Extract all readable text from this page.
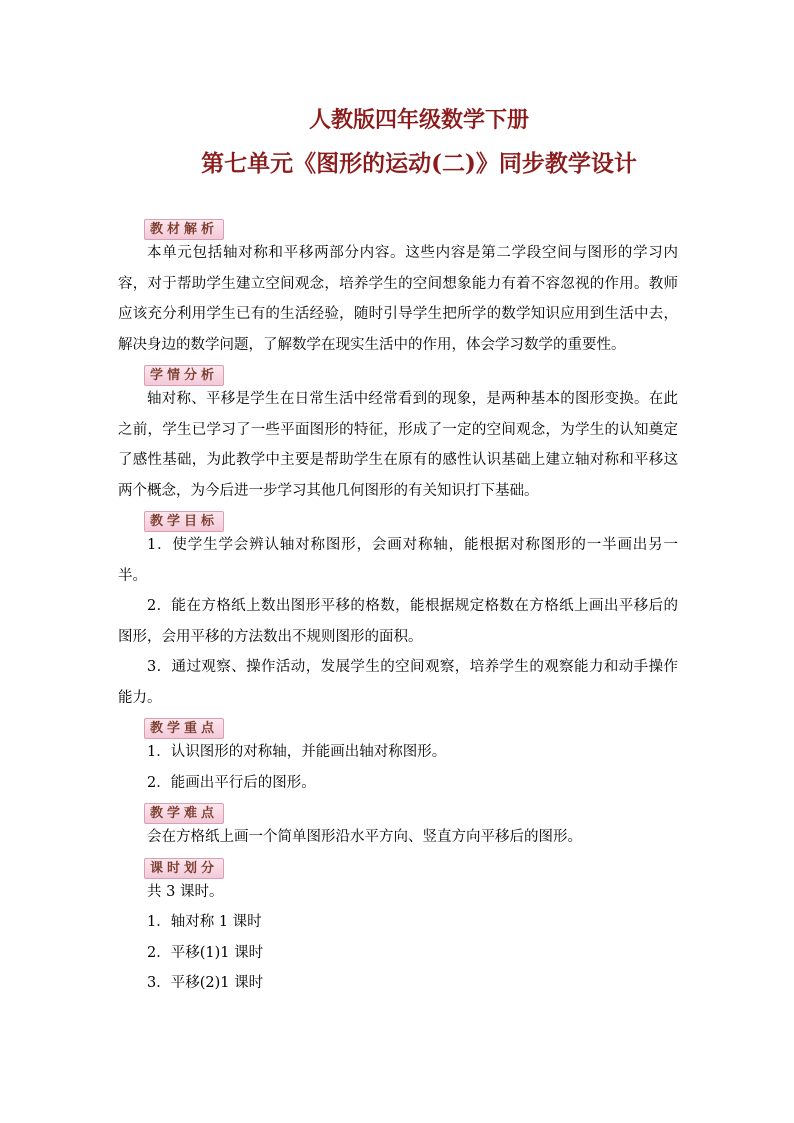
人教版四年级数学下册
第七单元《图形的运动(二)》同步教学设计
教材解析

本单元包括轴对称和平移两部分内容。这些内容是第二学段空间与图形的学习内容，对于帮助学生建立空间观念，培养学生的空间想象能力有着不容忽视的作用。教师应该充分利用学生已有的生活经验，随时引导学生把所学的数学知识应用到生活中去，解决身边的数学问题，了解数学在现实生活中的作用，体会学习数学的重要性。

学情分析

轴对称、平移是学生在日常生活中经常看到的现象，是两种基本的图形变换。在此之前，学生已学习了一些平面图形的特征，形成了一定的空间观念，为学生的认知奠定了感性基础，为此教学中主要是帮助学生在原有的感性认识基础上建立轴对称和平移这两个概念，为今后进一步学习其他几何图形的有关知识打下基础。

教学目标

1．使学生学会辨认轴对称图形，会画对称轴，能根据对称图形的一半画出另一半。

2．能在方格纸上数出图形平移的格数，能根据规定格数在方格纸上画出平移后的图形，会用平移的方法数出不规则图形的面积。

3．通过观察、操作活动，发展学生的空间观察，培养学生的观察能力和动手操作能力。

教学重点

1．认识图形的对称轴，并能画出轴对称图形。

2．能画出平行后的图形。

教学难点

会在方格纸上画一个简单图形沿水平方向、竖直方向平移后的图形。

课时划分

共 3 课时。

1．轴对称 1 课时

2．平移(1)1 课时

3．平移(2)1 课时
